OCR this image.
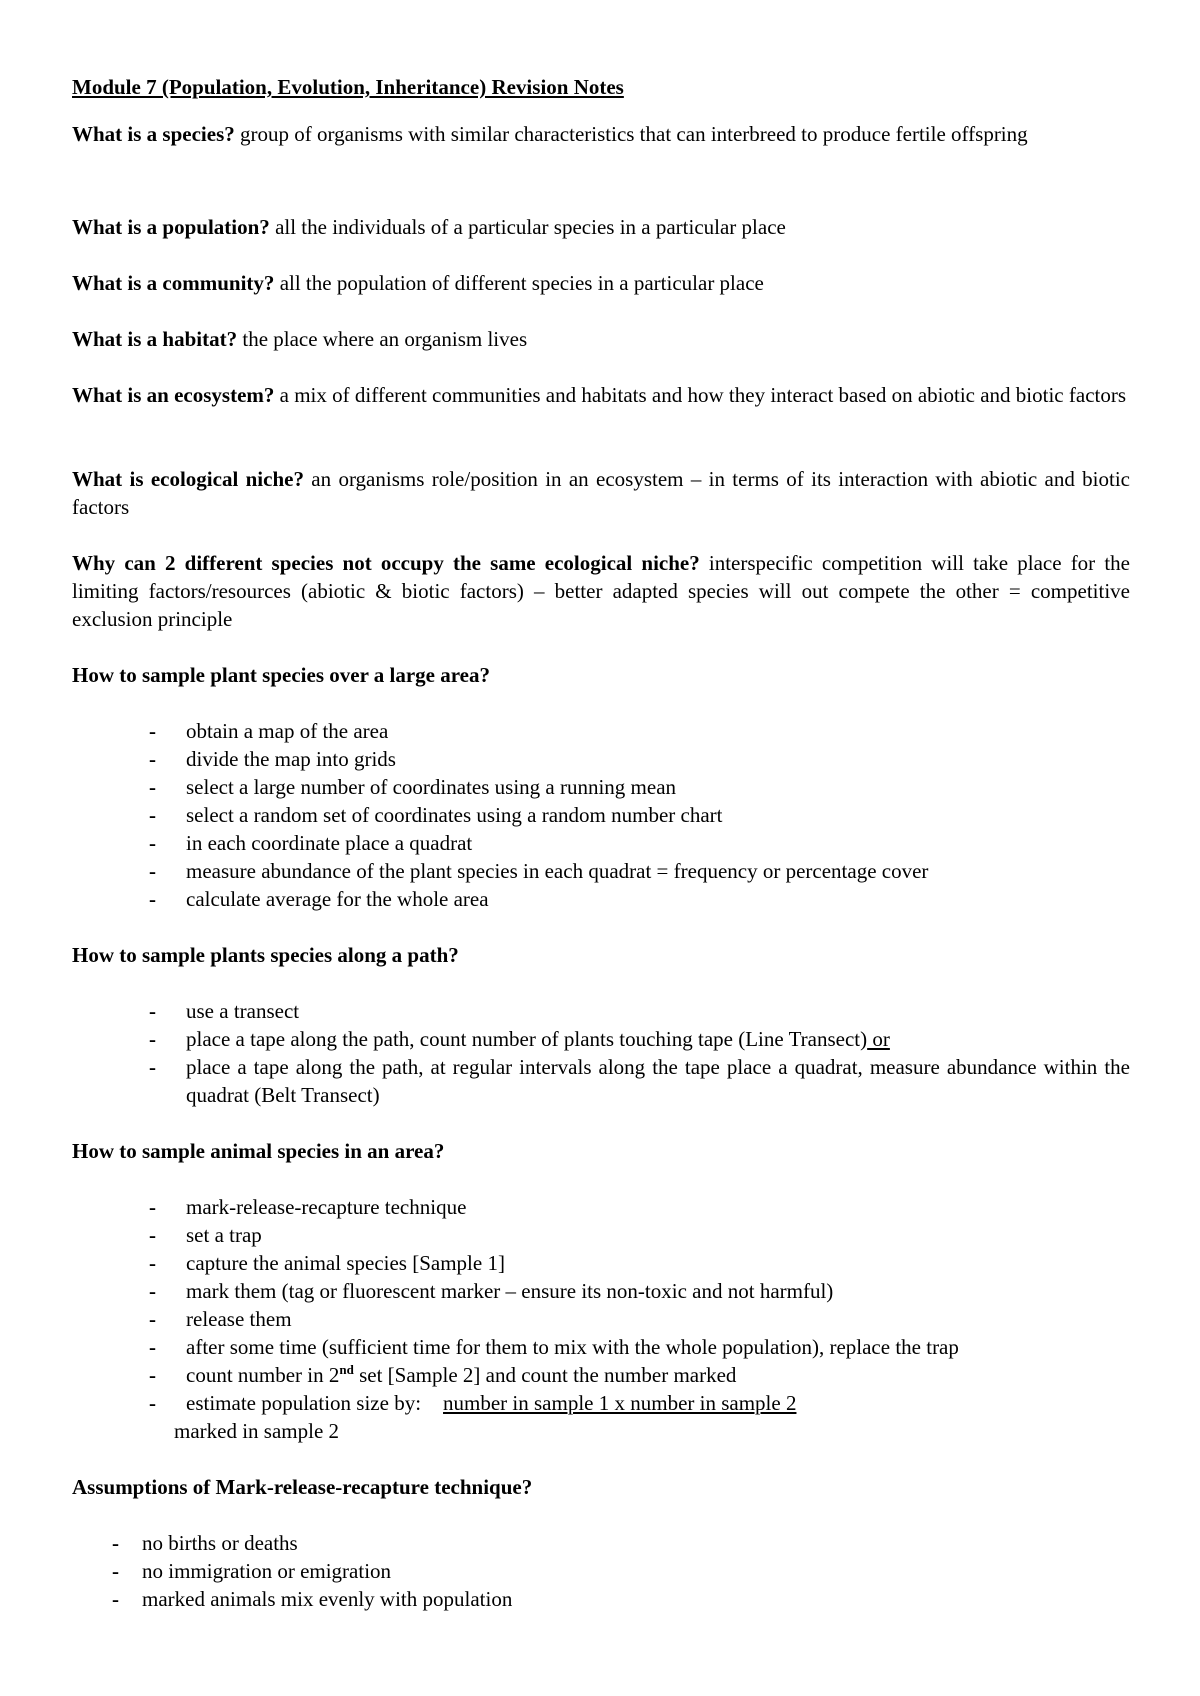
Module 7 (Population, Evolution, Inheritance) Revision Notes
What is a species? group of organisms with similar characteristics that can interbreed to produce fertile offspring
What is a population? all the individuals of a particular species in a particular place
What is a community? all the population of different species in a particular place
What is a habitat? the place where an organism lives
What is an ecosystem? a mix of different communities and habitats and how they interact based on abiotic and biotic factors
What is ecological niche? an organisms role/position in an ecosystem – in terms of its interaction with abiotic and biotic factors
Why can 2 different species not occupy the same ecological niche? interspecific competition will take place for the limiting factors/resources (abiotic & biotic factors) – better adapted species will out compete the other = competitive exclusion principle
How to sample plant species over a large area?
- obtain a map of the area
- divide the map into grids
- select a large number of coordinates using a running mean
- select a random set of coordinates using a random number chart
- in each coordinate place a quadrat
- measure abundance of the plant species in each quadrat = frequency or percentage cover
- calculate average for the whole area
How to sample plants species along a path?
- use a transect
- place a tape along the path, count number of plants touching tape (Line Transect) or
- place a tape along the path, at regular intervals along the tape place a quadrat, measure abundance within the quadrat (Belt Transect)
How to sample animal species in an area?
- mark-release-recapture technique
- set a trap
- capture the animal species [Sample 1]
- mark them (tag or fluorescent marker – ensure its non-toxic and not harmful)
- release them
- after some time (sufficient time for them to mix with the whole population), replace the trap
- count number in 2nd set [Sample 2] and count the number marked
- estimate population size by: number in sample 1 x number in sample 2
marked in sample 2
Assumptions of Mark-release-recapture technique?
- no births or deaths
- no immigration or emigration
- marked animals mix evenly with population
